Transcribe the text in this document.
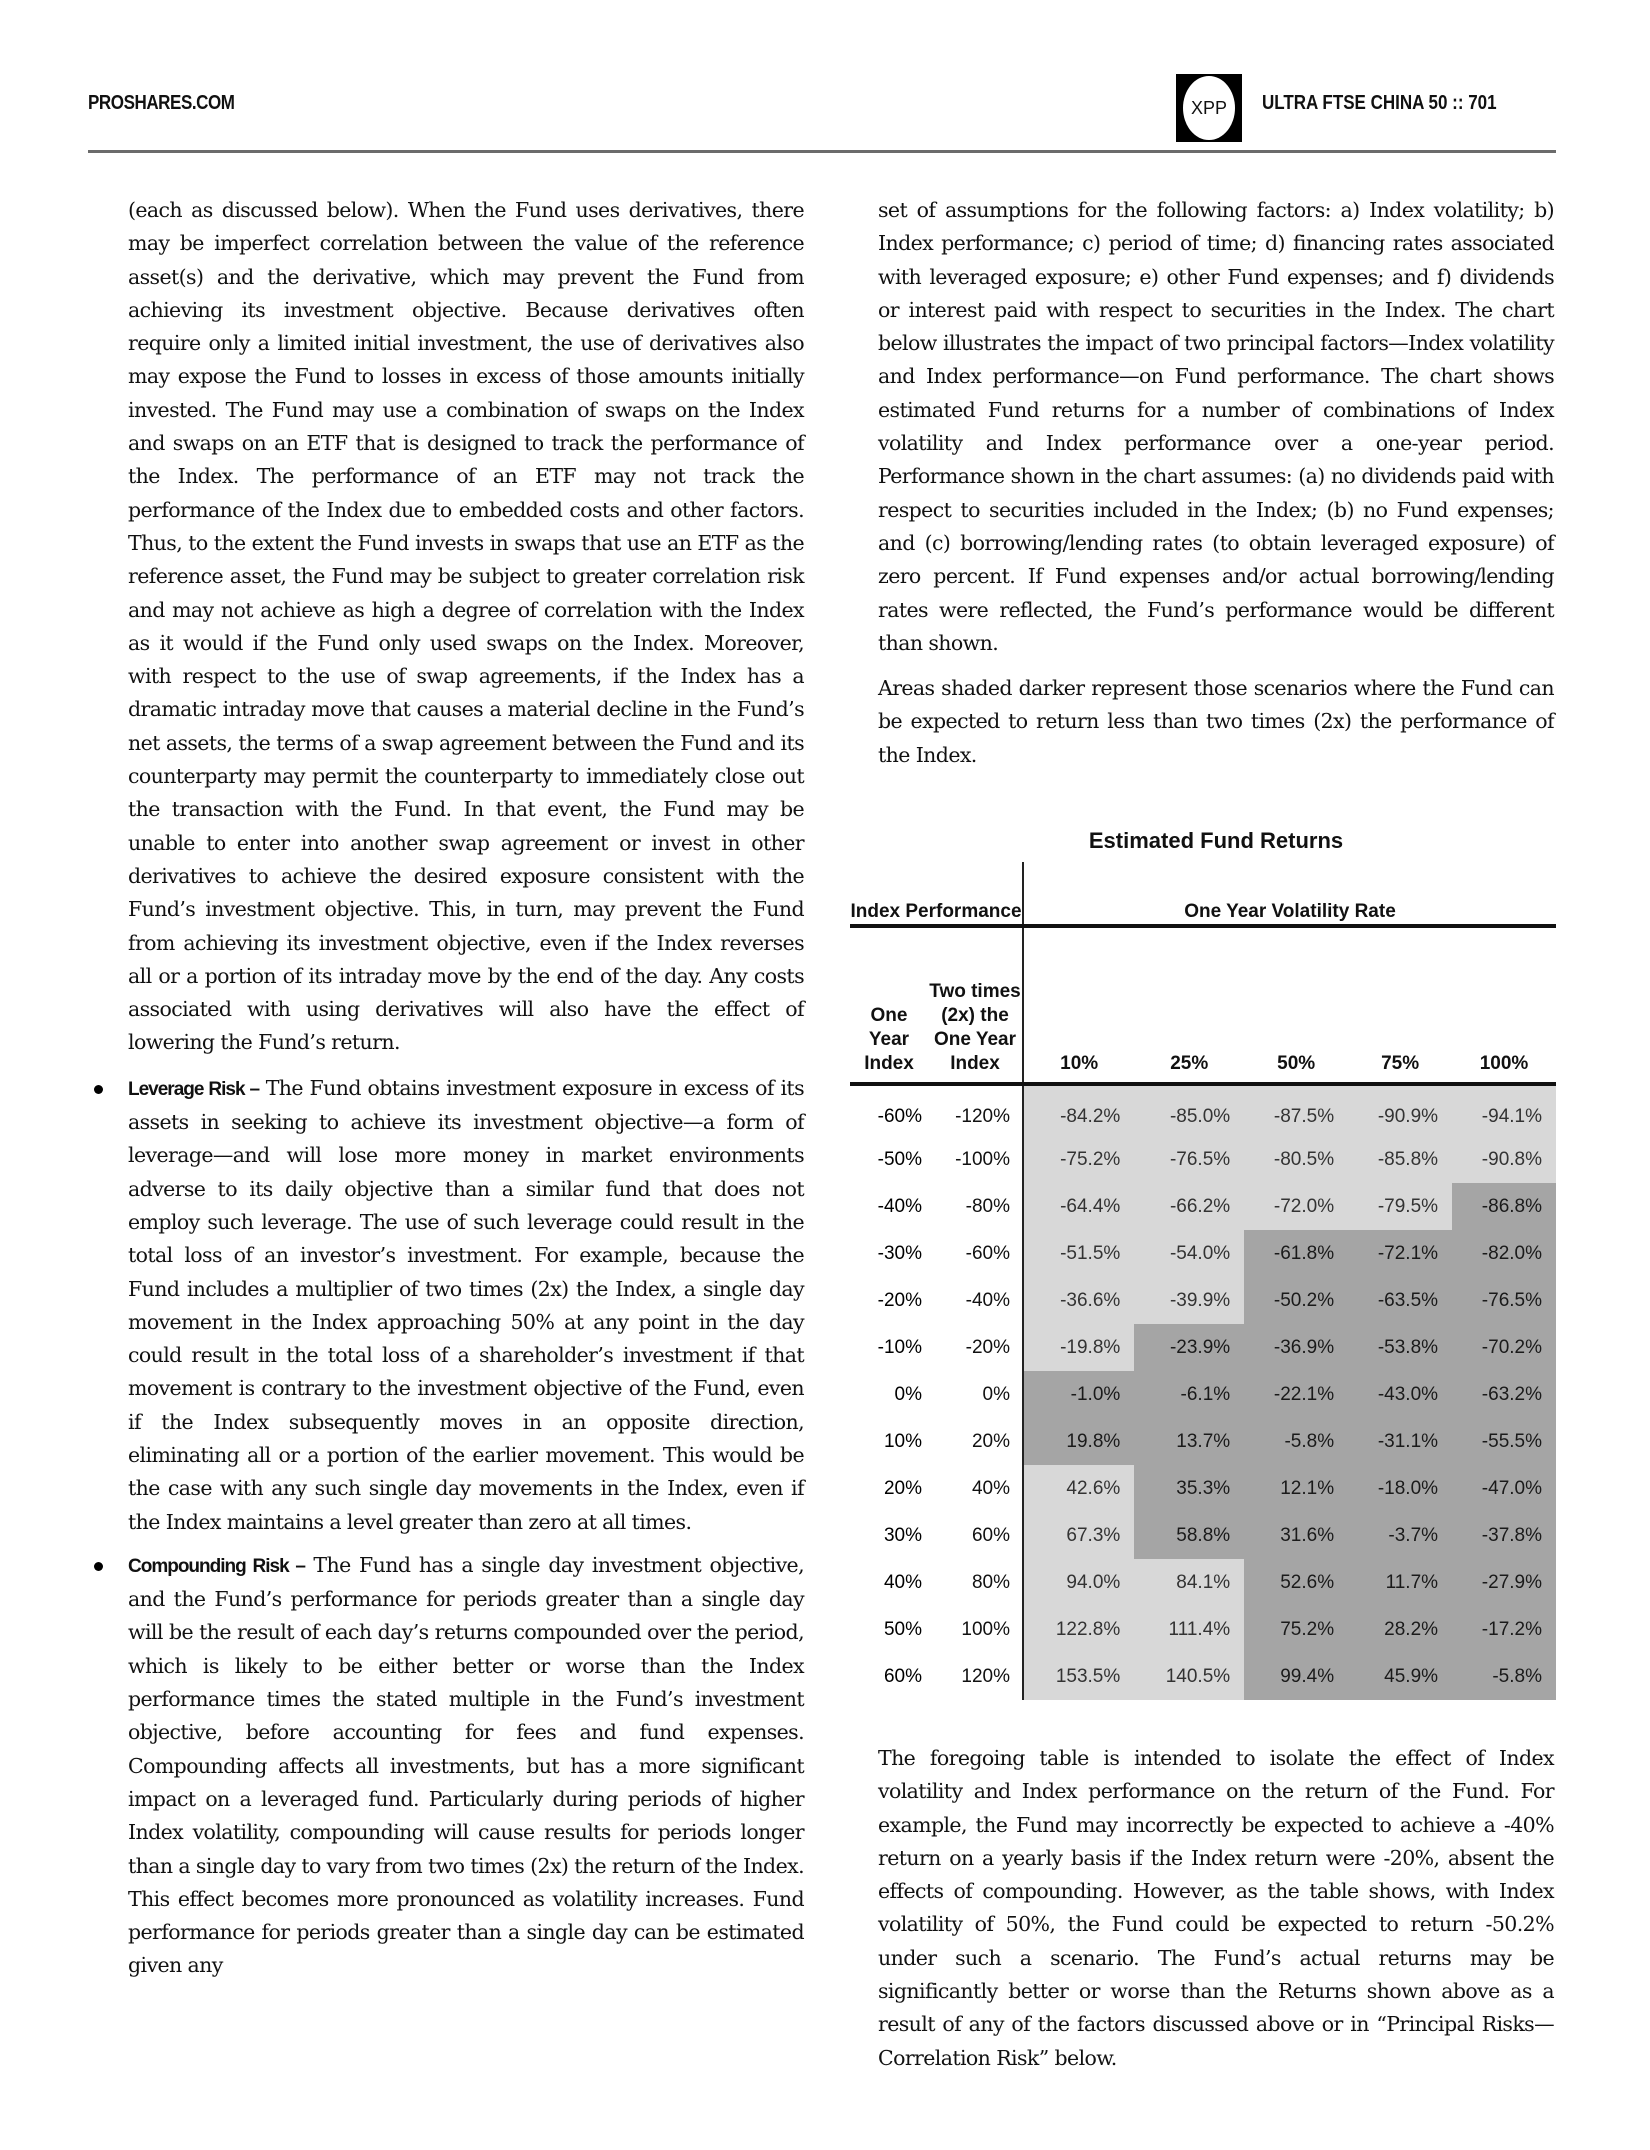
PROSHARES.COM	XPP	ULTRA FTSE CHINA 50 :: 701

(each as discussed below). When the Fund uses derivatives, there may be imperfect correlation between the value of the reference asset(s) and the derivative, which may prevent the Fund from achieving its investment objective. Because derivatives often require only a limited initial investment, the use of derivatives also may expose the Fund to losses in excess of those amounts initially invested. The Fund may use a combination of swaps on the Index and swaps on an ETF that is designed to track the performance of the Index. The performance of an ETF may not track the performance of the Index due to embedded costs and other factors. Thus, to the extent the Fund invests in swaps that use an ETF as the reference asset, the Fund may be subject to greater correlation risk and may not achieve as high a degree of correlation with the Index as it would if the Fund only used swaps on the Index. Moreover, with respect to the use of swap agreements, if the Index has a dramatic intraday move that causes a material decline in the Fund’s net assets, the terms of a swap agreement between the Fund and its counterparty may permit the counterparty to immediately close out the transaction with the Fund. In that event, the Fund may be unable to enter into another swap agreement or invest in other derivatives to achieve the desired exposure consistent with the Fund’s investment objective. This, in turn, may prevent the Fund from achieving its investment objective, even if the Index reverses all or a portion of its intraday move by the end of the day. Any costs associated with using derivatives will also have the effect of lowering the Fund’s return.

Leverage Risk – The Fund obtains investment exposure in excess of its assets in seeking to achieve its investment objective—a form of leverage—and will lose more money in market environments adverse to its daily objective than a similar fund that does not employ such leverage. The use of such leverage could result in the total loss of an investor’s investment. For example, because the Fund includes a multiplier of two times (2x) the Index, a single day movement in the Index approaching 50% at any point in the day could result in the total loss of a shareholder’s investment if that movement is contrary to the investment objective of the Fund, even if the Index subsequently moves in an opposite direction, eliminating all or a portion of the earlier movement. This would be the case with any such single day movements in the Index, even if the Index maintains a level greater than zero at all times.
Compounding Risk – The Fund has a single day investment objective, and the Fund’s performance for periods greater than a single day will be the result of each day’s returns compounded over the period, which is likely to be either better or worse than the Index performance times the stated multiple in the Fund’s investment objective, before accounting for fees and fund expenses. Compounding affects all investments, but has a more significant impact on a leveraged fund. Particularly during periods of higher Index volatility, compounding will cause results for periods longer than a single day to vary from two times (2x) the return of the Index. This effect becomes more pronounced as volatility increases. Fund performance for periods greater than a single day can be estimated given any

set of assumptions for the following factors: a) Index volatility; b) Index performance; c) period of time; d) financing rates associated with leveraged exposure; e) other Fund expenses; and f) dividends or interest paid with respect to securities in the Index. The chart below illustrates the impact of two principal factors—Index volatility and Index performance—on Fund performance. The chart shows estimated Fund returns for a number of combinations of Index volatility and Index performance over a one-year period. Performance shown in the chart assumes: (a) no dividends paid with respect to securities included in the Index; (b) no Fund expenses; and (c) borrowing/lending rates (to obtain leveraged exposure) of zero percent. If Fund expenses and/or actual borrowing/lending rates were reflected, the Fund’s performance would be different than shown.

Areas shaded darker represent those scenarios where the Fund can be expected to return less than two times (2x) the performance of the Index.

Estimated Fund Returns
Index Performance		One Year Volatility Rate				
One Year Index	Two times (2x) the One Year Index	10%	25%	50%	75%	100%
-60%	-120%	-84.2%	-85.0%	-87.5%	-90.9%	-94.1%
-50%	-100%	-75.2%	-76.5%	-80.5%	-85.8%	-90.8%
-40%	-80%	-64.4%	-66.2%	-72.0%	-79.5%	-86.8%
-30%	-60%	-51.5%	-54.0%	-61.8%	-72.1%	-82.0%
-20%	-40%	-36.6%	-39.9%	-50.2%	-63.5%	-76.5%
-10%	-20%	-19.8%	-23.9%	-36.9%	-53.8%	-70.2%
0%	0%	-1.0%	-6.1%	-22.1%	-43.0%	-63.2%
10%	20%	19.8%	13.7%	-5.8%	-31.1%	-55.5%
20%	40%	42.6%	35.3%	12.1%	-18.0%	-47.0%
30%	60%	67.3%	58.8%	31.6%	-3.7%	-37.8%
40%	80%	94.0%	84.1%	52.6%	11.7%	-27.9%
50%	100%	122.8%	111.4%	75.2%	28.2%	-17.2%
60%	120%	153.5%	140.5%	99.4%	45.9%	-5.8%

The foregoing table is intended to isolate the effect of Index volatility and Index performance on the return of the Fund. For example, the Fund may incorrectly be expected to achieve a -40% return on a yearly basis if the Index return were -20%, absent the effects of compounding. However, as the table shows, with Index volatility of 50%, the Fund could be expected to return -50.2% under such a scenario. The Fund’s actual returns may be significantly better or worse than the Returns shown above as a result of any of the factors discussed above or in “Principal Risks—Correlation Risk” below.
